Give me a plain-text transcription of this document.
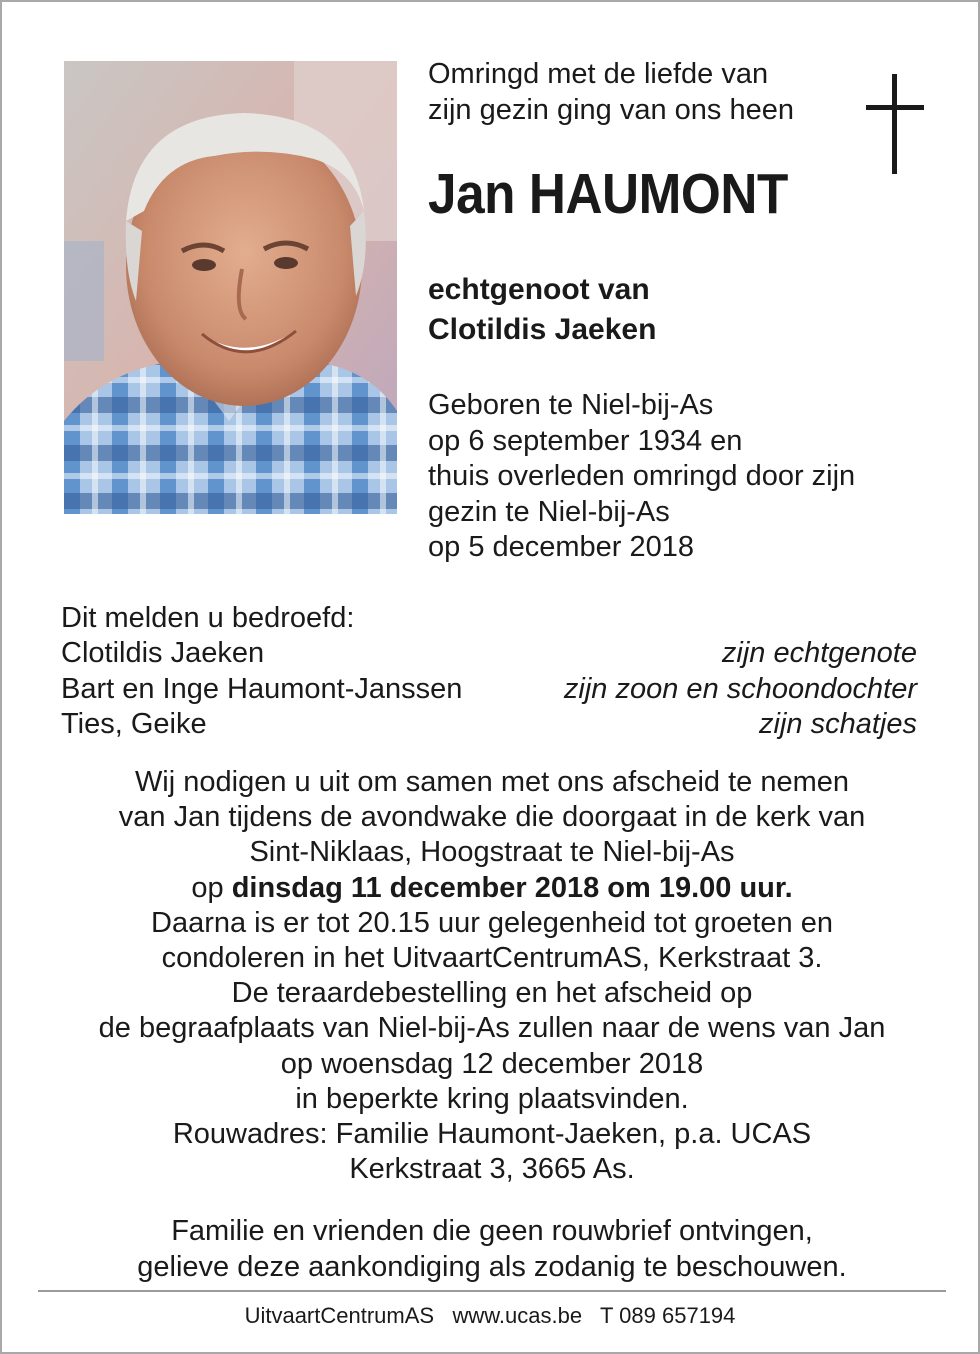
Omringd met de liefde van
zijn gezin ging van ons heen
Jan HAUMONT
echtgenoot van
Clotildis Jaeken
Geboren te Niel-bij-As
op 6 september 1934 en
thuis overleden omringd door zijn
gezin te Niel-bij-As
op 5 december 2018
Dit melden u bedroefd:
Clotildis Jaeken	zijn echtgenote
Bart en Inge Haumont-Janssen	zijn zoon en schoondochter
Ties, Geike	zijn schatjes
Wij nodigen u uit om samen met ons afscheid te nemen
van Jan tijdens de avondwake die doorgaat in de kerk van
Sint-Niklaas, Hoogstraat te Niel-bij-As
op dinsdag 11 december 2018 om 19.00 uur.
Daarna is er tot 20.15 uur gelegenheid tot groeten en
condoleren in het UitvaartCentrumAS, Kerkstraat 3.
De teraardebestelling en het afscheid op
de begraafplaats van Niel-bij-As zullen naar de wens van Jan
op woensdag 12 december 2018
in beperkte kring plaatsvinden.
Rouwadres: Familie Haumont-Jaeken, p.a. UCAS
Kerkstraat 3, 3665 As.
Familie en vrienden die geen rouwbrief ontvingen,
gelieve deze aankondiging als zodanig te beschouwen.
UitvaartCentrumAS www.ucas.be T 089 657194
